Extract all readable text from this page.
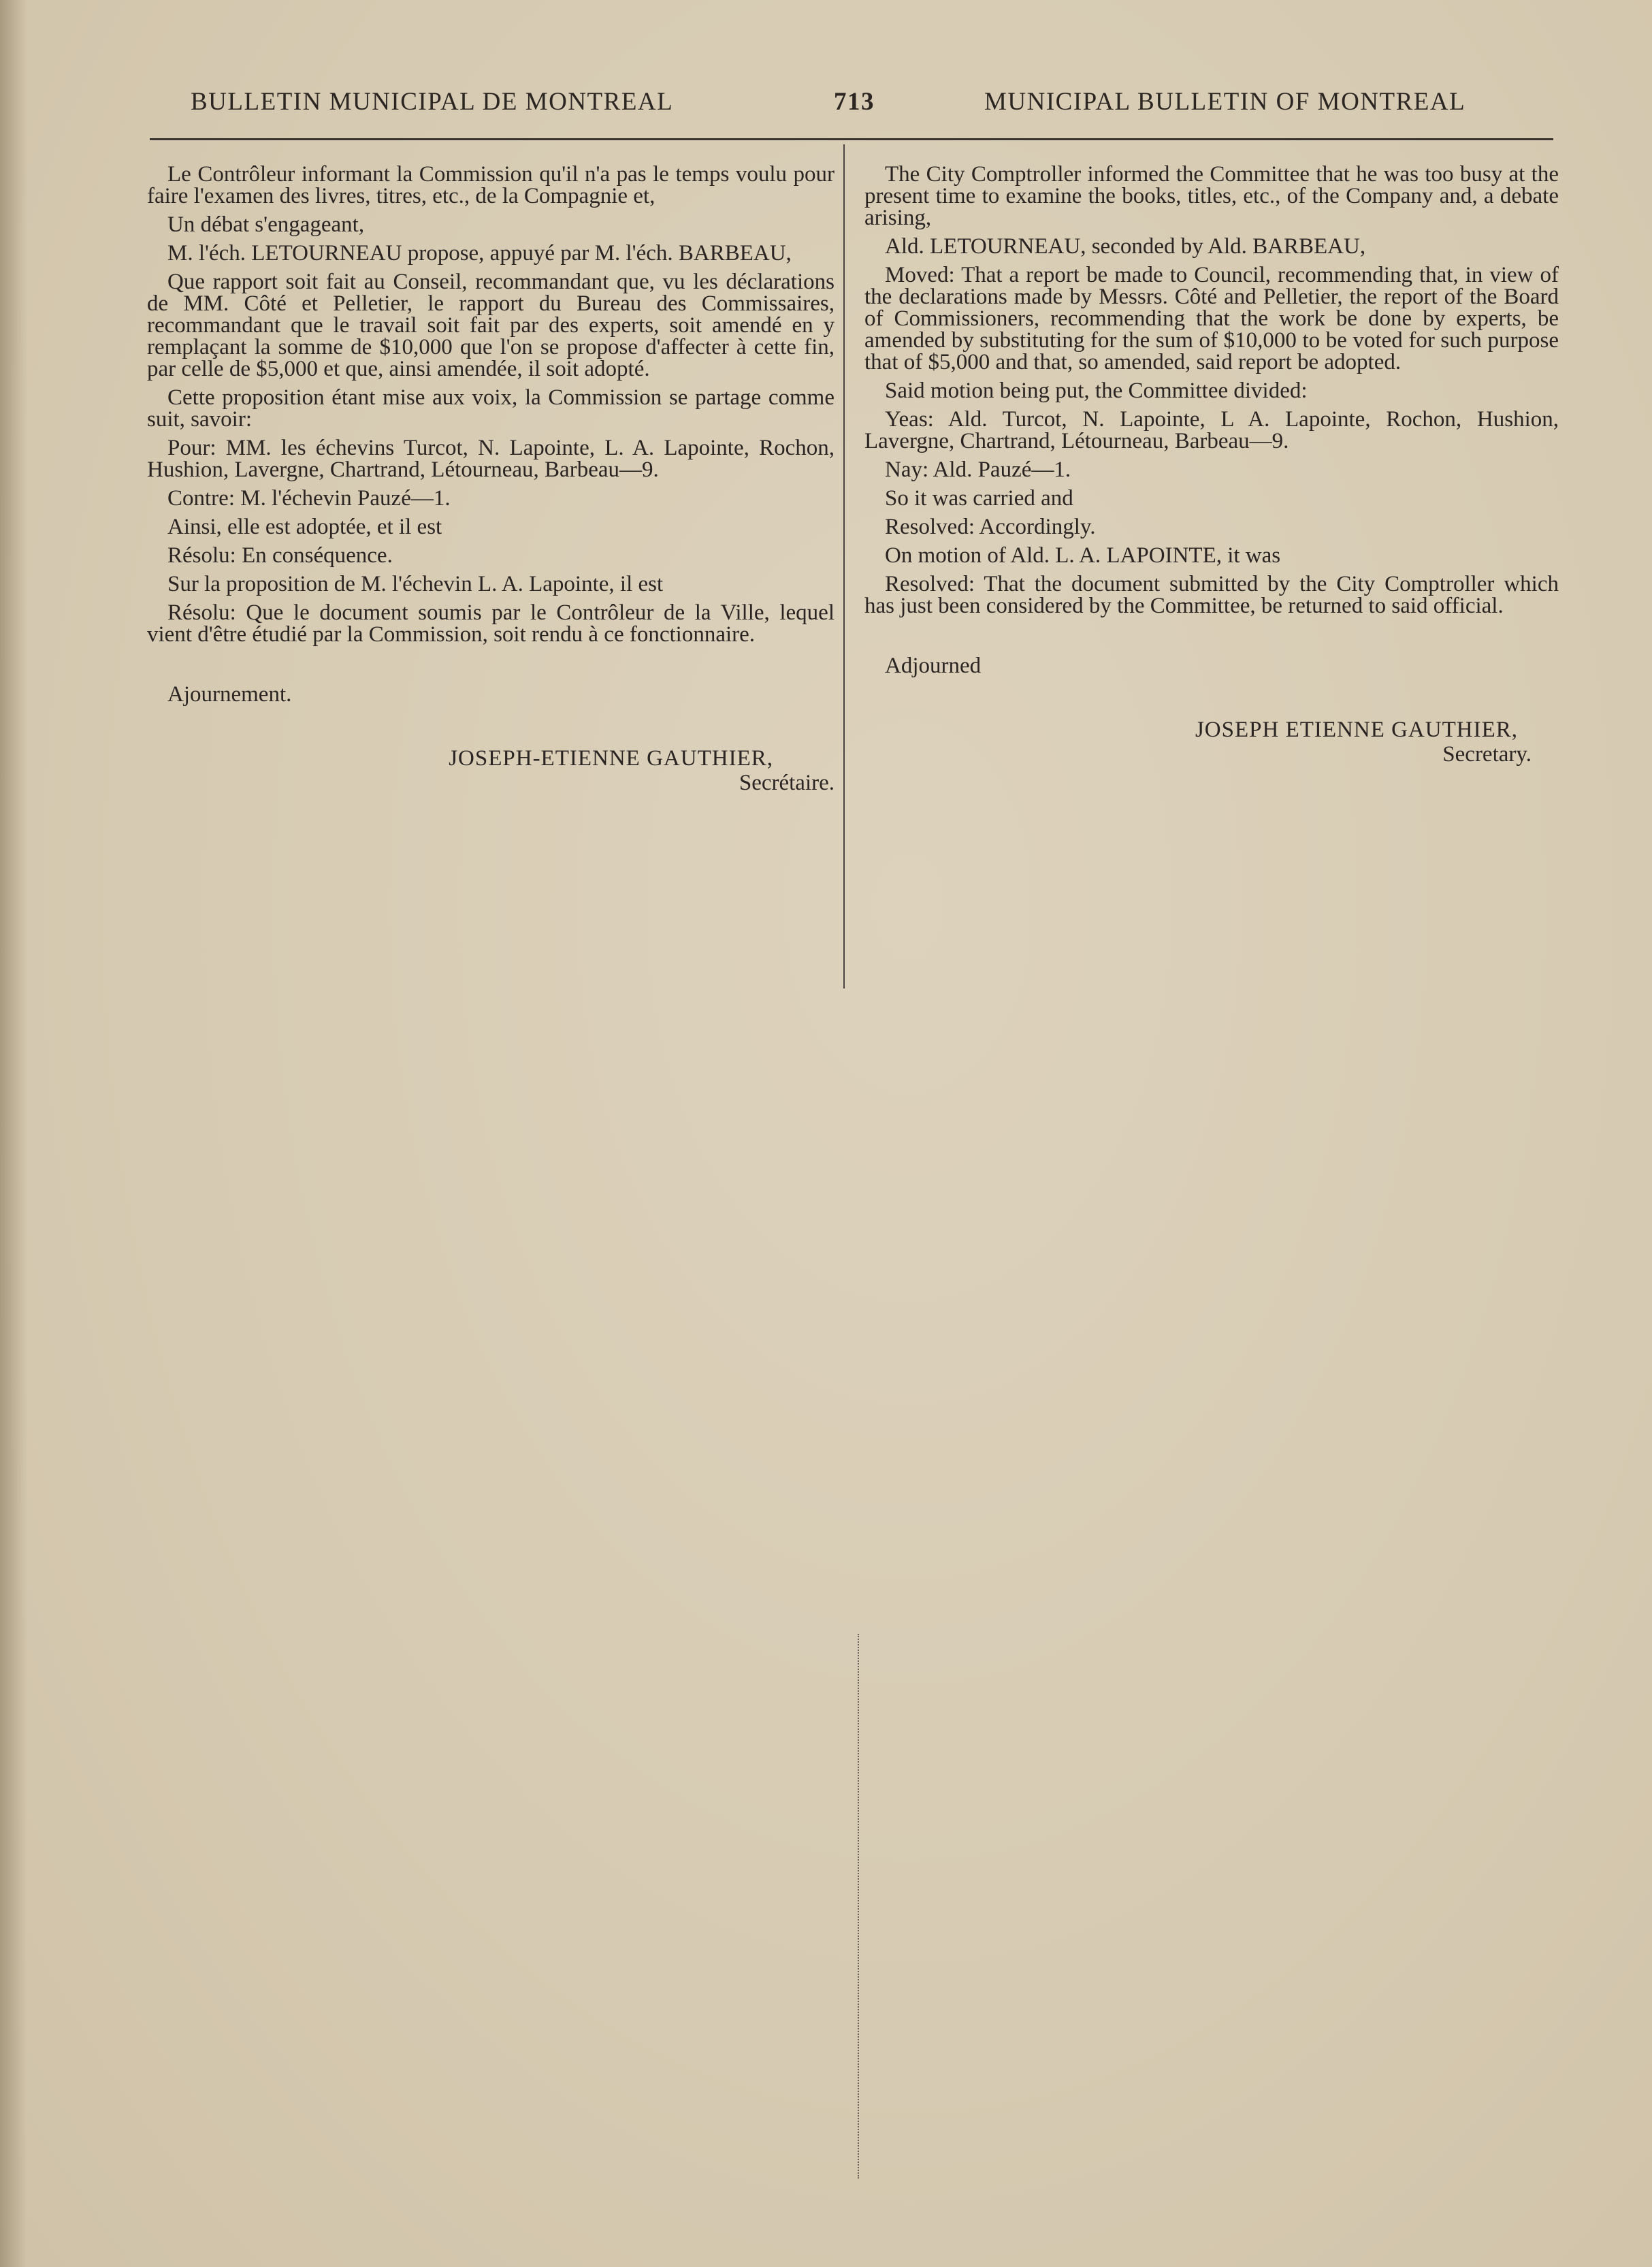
BULLETIN MUNICIPAL DE MONTREAL	713	MUNICIPAL BULLETIN OF MONTREAL

Le Contrôleur informant la Commission qu'il n'a pas le temps voulu pour faire l'examen des livres, titres, etc., de la Compagnie et,

Un débat s'engageant,

M. l'éch. LETOURNEAU propose, appuyé par M. l'éch. BARBEAU,

Que rapport soit fait au Conseil, recommandant que, vu les déclarations de MM. Côté et Pelletier, le rapport du Bureau des Commissaires, recommandant que le travail soit fait par des experts, soit amendé en y remplaçant la somme de $10,000 que l'on se propose d'affecter à cette fin, par celle de $5,000 et que, ainsi amendée, il soit adopté.

Cette proposition étant mise aux voix, la Commission se partage comme suit, savoir:

Pour: MM. les échevins Turcot, N. Lapointe, L. A. Lapointe, Rochon, Hushion, Lavergne, Chartrand, Létourneau, Barbeau—9.

Contre: M. l'échevin Pauzé—1.

Ainsi, elle est adoptée, et il est

Résolu: En conséquence.

Sur la proposition de M. l'échevin L. A. Lapointe, il est

Résolu: Que le document soumis par le Contrôleur de la Ville, lequel vient d'être étudié par la Commission, soit rendu à ce fonctionnaire.

Ajournement.

JOSEPH-ETIENNE GAUTHIER,

Secrétaire.

The City Comptroller informed the Committee that he was too busy at the present time to examine the books, titles, etc., of the Company and, a debate arising,

Ald. LETOURNEAU, seconded by Ald. BARBEAU,

Moved: That a report be made to Council, recommending that, in view of the declarations made by Messrs. Côté and Pelletier, the report of the Board of Commissioners, recommending that the work be done by experts, be amended by substituting for the sum of $10,000 to be voted for such purpose that of $5,000 and that, so amended, said report be adopted.

Said motion being put, the Committee divided:

Yeas: Ald. Turcot, N. Lapointe, L A. Lapointe, Rochon, Hushion, Lavergne, Chartrand, Létourneau, Barbeau—9.

Nay: Ald. Pauzé—1.

So it was carried and

Resolved: Accordingly.

On motion of Ald. L. A. LAPOINTE, it was

Resolved: That the document submitted by the City Comptroller which has just been considered by the Committee, be returned to said official.

Adjourned

JOSEPH ETIENNE GAUTHIER,

Secretary.
